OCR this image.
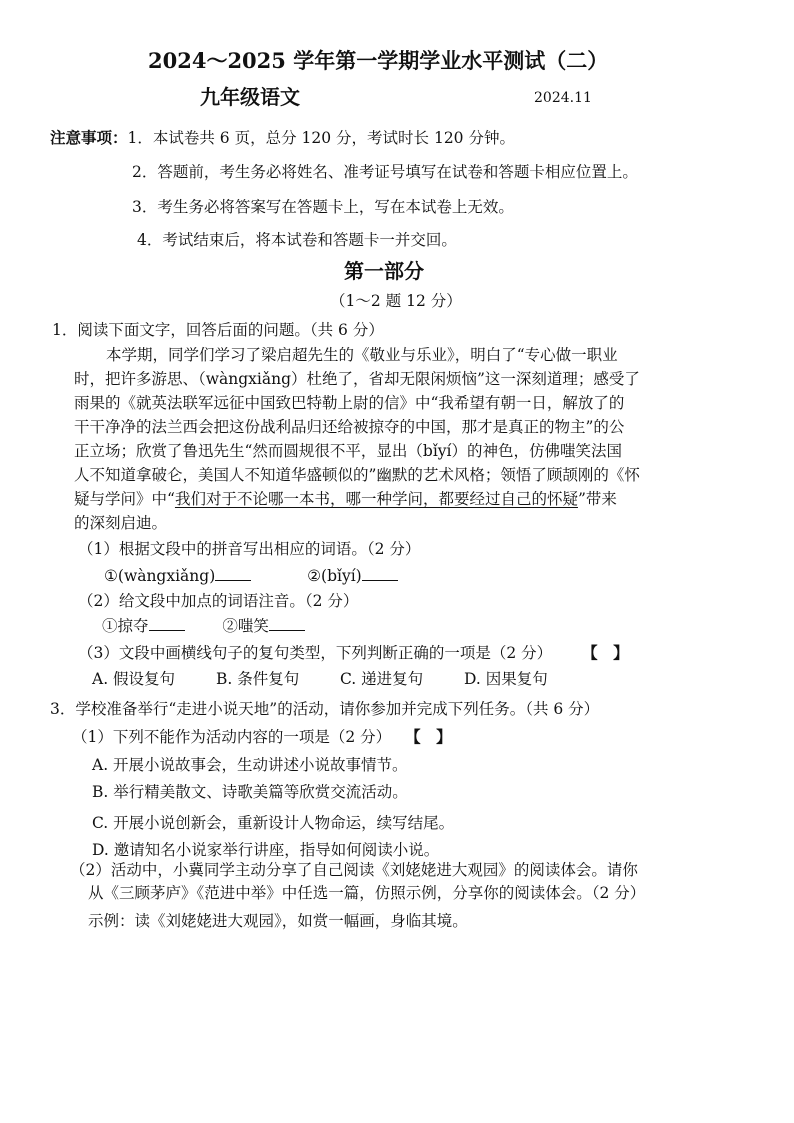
2024～2025 学年第一学期学业水平测试（二）
九年级语文	2024.11
注意事项：1．本试卷共 6 页，总分 120 分，考试时长 120 分钟。
2．答题前，考生务必将姓名、准考证号填写在试卷和答题卡相应位置上。
3．考生务必将答案写在答题卡上，写在本试卷上无效。
4．考试结束后，将本试卷和答题卡一并交回。
第一部分
（1～2 题 12 分）
1．阅读下面文字，回答后面的问题。（共 6 分）
本学期，同学们学习了梁启超先生的《敬业与乐业》，明白了“专心做一职业
时，把许多游思、（wàngxiǎng）杜绝了，省却无限闲烦恼”这一深刻道理；感受了
雨果的《就英法联军远征中国致巴特勒上尉的信》中“我希望有朝一日，解放了的
干干净净的法兰西会把这份战利品归还给被掠夺的中国，那才是真正的物主”的公
正立场；欣赏了鲁迅先生“然而圆规很不平，显出（bǐyí）的神色，仿佛嗤笑法国
人不知道拿破仑，美国人不知道华盛顿似的”幽默的艺术风格；领悟了顾颉刚的《怀
疑与学问》中“我们对于不论哪一本书，哪一种学问，都要经过自己的怀疑”带来
的深刻启迪。
（1）根据文段中的拼音写出相应的词语。（2 分）
①(wàngxiǎng)	②(bǐyí)
（2）给文段中加点的词语注音。（2 分）
①掠夺	②嗤笑
（3）文段中画横线句子的复句类型，下列判断正确的一项是（2 分） 【　】
A. 假设复句	B. 条件复句	C. 递进复句	D. 因果复句
3．学校准备举行“走进小说天地”的活动，请你参加并完成下列任务。（共 6 分）
（1）下列不能作为活动内容的一项是（2 分） 【　】
A. 开展小说故事会，生动讲述小说故事情节。
B. 举行精美散文、诗歌美篇等欣赏交流活动。
C. 开展小说创新会，重新设计人物命运，续写结尾。
D. 邀请知名小说家举行讲座，指导如何阅读小说。
（2）活动中，小冀同学主动分享了自己阅读《刘姥姥进大观园》的阅读体会。请你
从《三顾茅庐》《范进中举》中任选一篇，仿照示例，分享你的阅读体会。（2 分）
示例：读《刘姥姥进大观园》，如赏一幅画，身临其境。
